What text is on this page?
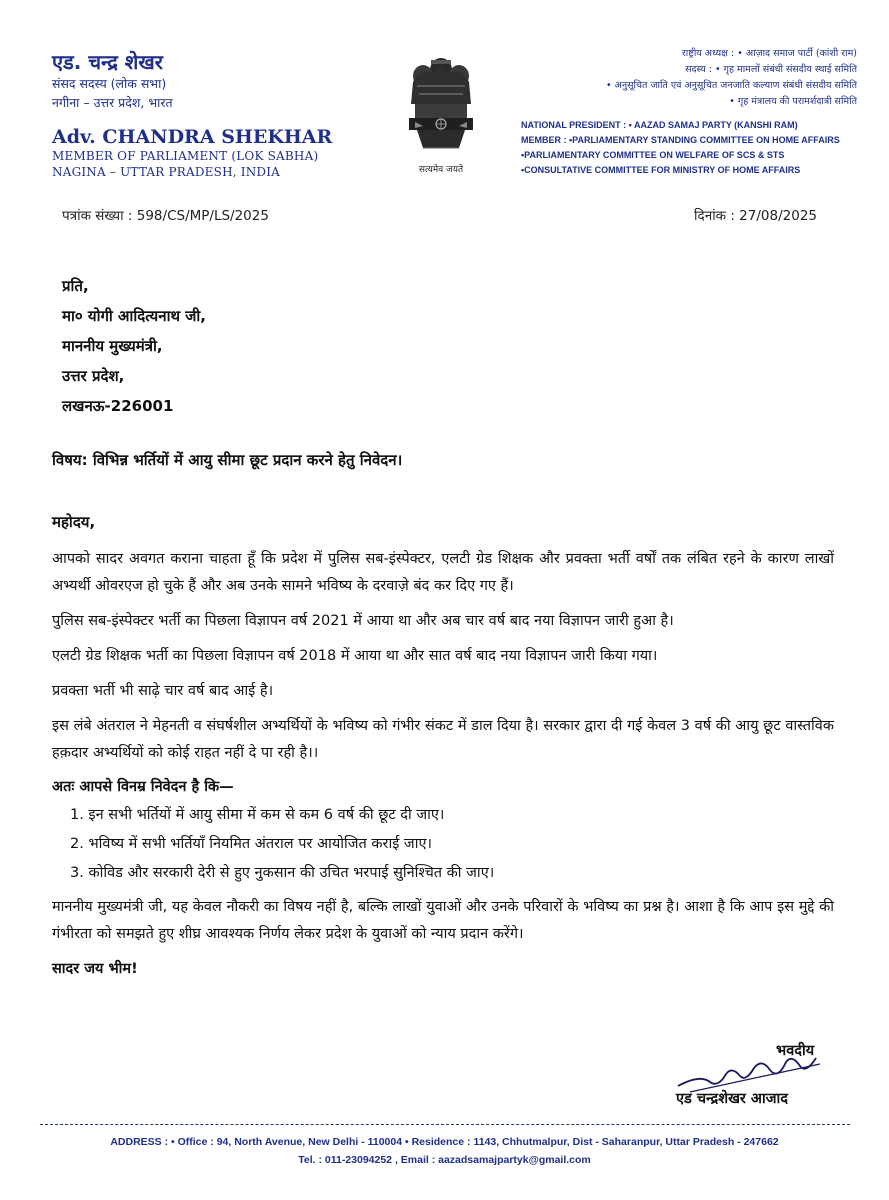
एड. चन्द्र शेखर
संसद सदस्य (लोक सभा)
नगीना – उत्तर प्रदेश, भारत
Adv. CHANDRA SHEKHAR
MEMBER OF PARLIAMENT (LOK SABHA)
NAGINA – UTTAR PRADESH, INDIA	सत्यमेव जयते
राष्ट्रीय अध्यक्ष : • आज़ाद समाज पार्टी (कांशी राम)
सदस्य : • गृह मामलों संबंधी संसदीय स्थाई समिति
• अनुसूचित जाति एवं अनुसूचित जनजाति कल्याण संबंधी संसदीय समिति
• गृह मंत्रालय की परामर्शदात्री समिति
NATIONAL PRESIDENT : • AAZAD SAMAJ PARTY (KANSHI RAM)
MEMBER : •PARLIAMENTARY STANDING COMMITTEE ON HOME AFFAIRS
•PARLIAMENTARY COMMITTEE ON WELFARE OF SCS & STS
•CONSULTATIVE COMMITTEE FOR MINISTRY OF HOME AFFAIRS
पत्रांक संख्या : 598/CS/MP/LS/2025	दिनांक : 27/08/2025
प्रति,
मा० योगी आदित्यनाथ जी,
माननीय मुख्यमंत्री,
उत्तर प्रदेश,
लखनऊ-226001
विषय: विभिन्न भर्तियों में आयु सीमा छूट प्रदान करने हेतु निवेदन।
महोदय,
आपको सादर अवगत कराना चाहता हूँ कि प्रदेश में पुलिस सब-इंस्पेक्टर, एलटी ग्रेड शिक्षक और प्रवक्ता भर्ती वर्षों तक लंबित रहने के कारण लाखों अभ्यर्थी ओवरएज हो चुके हैं और अब उनके सामने भविष्य के दरवाज़े बंद कर दिए गए हैं।
पुलिस सब-इंस्पेक्टर भर्ती का पिछला विज्ञापन वर्ष 2021 में आया था और अब चार वर्ष बाद नया विज्ञापन जारी हुआ है।
एलटी ग्रेड शिक्षक भर्ती का पिछला विज्ञापन वर्ष 2018 में आया था और सात वर्ष बाद नया विज्ञापन जारी किया गया।
प्रवक्ता भर्ती भी साढ़े चार वर्ष बाद आई है।
इस लंबे अंतराल ने मेहनती व संघर्षशील अभ्यर्थियों के भविष्य को गंभीर संकट में डाल दिया है। सरकार द्वारा दी गई केवल 3 वर्ष की आयु छूट वास्तविक हक़दार अभ्यर्थियों को कोई राहत नहीं दे पा रही है।।
अतः आपसे विनम्र निवेदन है कि—
1. इन सभी भर्तियों में आयु सीमा में कम से कम 6 वर्ष की छूट दी जाए।
2. भविष्य में सभी भर्तियाँ नियमित अंतराल पर आयोजित कराई जाए।
3. कोविड और सरकारी देरी से हुए नुकसान की उचित भरपाई सुनिश्चित की जाए।
माननीय मुख्यमंत्री जी, यह केवल नौकरी का विषय नहीं है, बल्कि लाखों युवाओं और उनके परिवारों के भविष्य का प्रश्न है। आशा है कि आप इस मुद्दे की गंभीरता को समझते हुए शीघ्र आवश्यक निर्णय लेकर प्रदेश के युवाओं को न्याय प्रदान करेंगे।
सादर जय भीम!
भवदीय
एड चन्द्रशेखर आजाद
ADDRESS : • Office : 94, North Avenue, New Delhi - 110004 • Residence : 1143, Chhutmalpur, Dist - Saharanpur, Uttar Pradesh - 247662
Tel. : 011-23094252 , Email : aazadsamajpartyk@gmail.com
